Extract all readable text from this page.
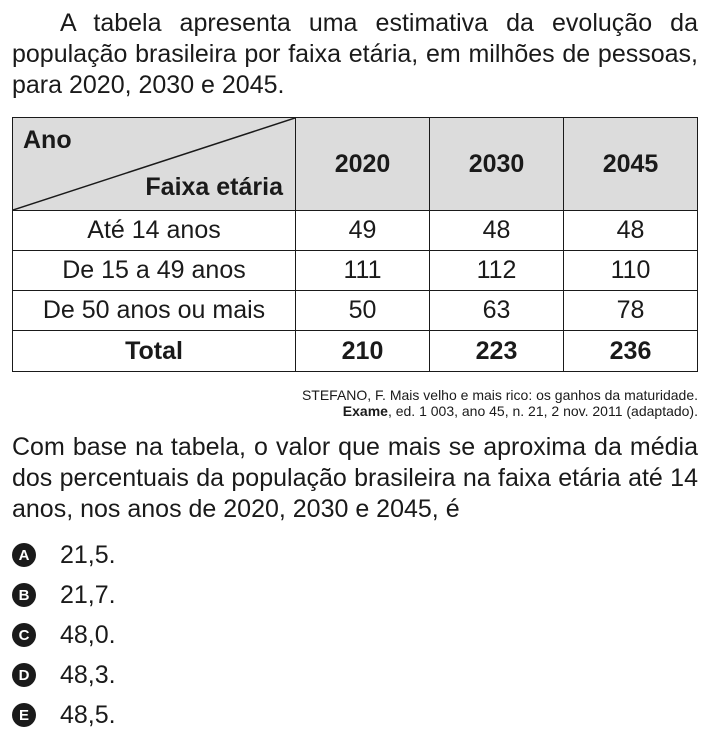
A tabela apresenta uma estimativa da evolução da população brasileira por faixa etária, em milhões de pessoas, para 2020, 2030 e 2045.

Ano
Faixa etária	2020	2030	2045
Até 14 anos	49	48	48
De 15 a 49 anos	111	112	110
De 50 anos ou mais	50	63	78
Total	210	223	236
STEFANO, F. Mais velho e mais rico: os ganhos da maturidade.
Exame, ed. 1 003, ano 45, n. 21, 2 nov. 2011 (adaptado).

Com base na tabela, o valor que mais se aproxima da média dos percentuais da população brasileira na faixa etária até 14 anos, nos anos de 2020, 2030 e 2045, é

A 21,5.
B 21,7.
C 48,0.
D 48,3.
E 48,5.
